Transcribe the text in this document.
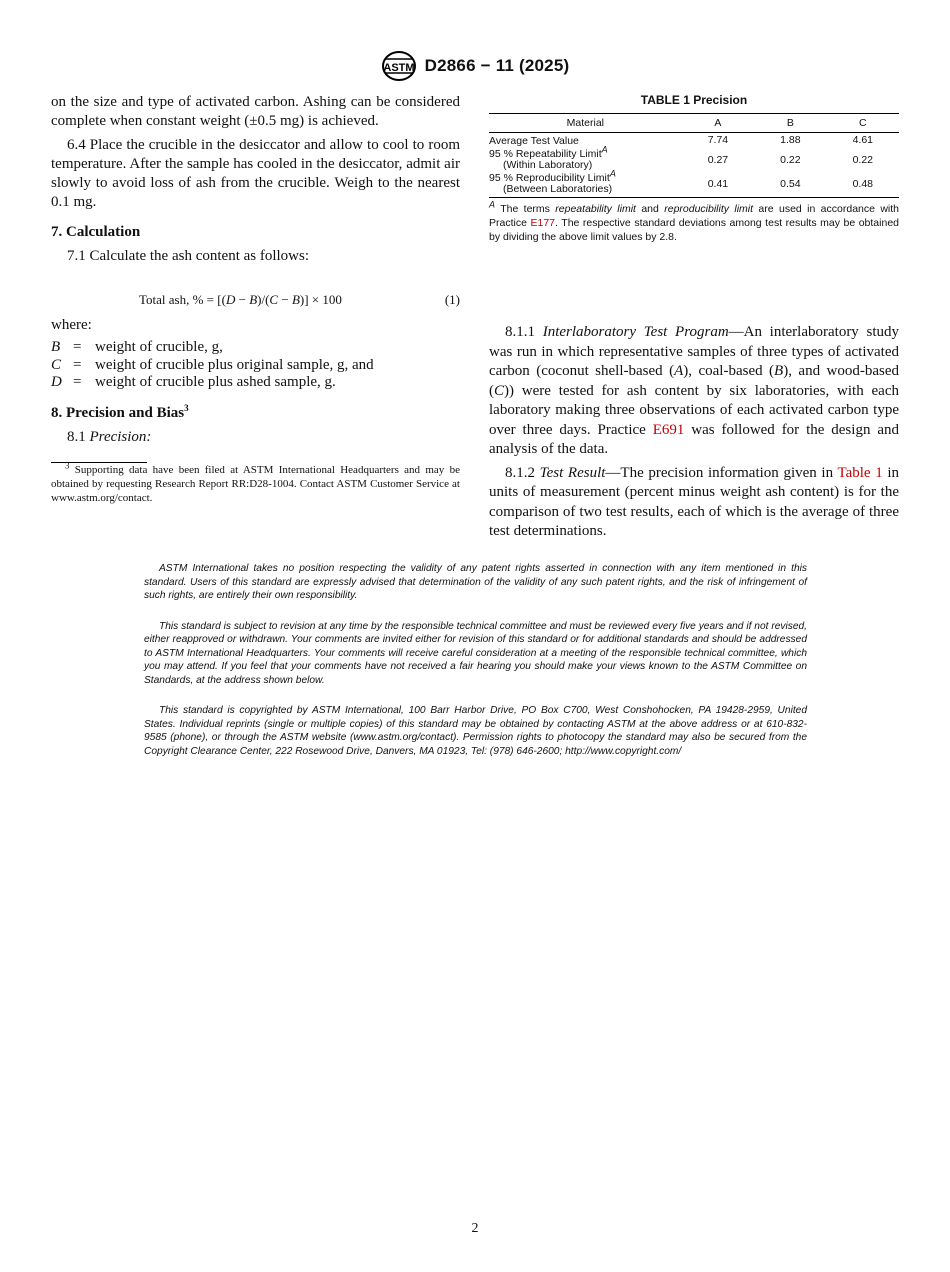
ASTM D2866 − 11 (2025)

on the size and type of activated carbon. Ashing can be considered complete when constant weight (±0.5 mg) is achieved.

6.4 Place the crucible in the desiccator and allow to cool to room temperature. After the sample has cooled in the desiccator, admit air slowly to avoid loss of ash from the crucible. Weigh to the nearest 0.1 mg.

7. Calculation

7.1 Calculate the ash content as follows:

Total ash, % = [(D − B)/(C − B)] × 100	(1)
where:
B = weight of crucible, g,
C = weight of crucible plus original sample, g, and
D = weight of crucible plus ashed sample, g.
8. Precision and Bias$^3$

8.1 Precision:

$^3$ Supporting data have been filed at ASTM International Headquarters and may be obtained by requesting Research Report RR:D28-1004. Contact ASTM Customer Service at www.astm.org/contact.

TABLE 1 Precision
Material	A	B	C
Average Test Value	7.74	1.88	4.61
95 % Repeatability Limit$^A$
(Within Laboratory)	0.27	0.22	0.22
95 % Reproducibility Limit$^A$
(Between Laboratories)	0.41	0.54	0.48

$^A$ The terms repeatability limit and reproducibility limit are used in accordance with Practice E177. The respective standard deviations among test results may be obtained by dividing the above limit values by 2.8.

8.1.1 Interlaboratory Test Program—An interlaboratory study was run in which representative samples of three types of activated carbon (coconut shell-based (A), coal-based (B), and wood-based (C)) were tested for ash content by six laboratories, with each laboratory making three observations of each activated carbon type over three days. Practice E691 was followed for the design and analysis of the data.

8.1.2 Test Result—The precision information given in Table 1 in units of measurement (percent minus weight ash content) is for the comparison of two test results, each of which is the average of three test determinations.

ASTM International takes no position respecting the validity of any patent rights asserted in connection with any item mentioned in this standard. Users of this standard are expressly advised that determination of the validity of any such patent rights, and the risk of infringement of such rights, are entirely their own responsibility.

This standard is subject to revision at any time by the responsible technical committee and must be reviewed every five years and if not revised, either reapproved or withdrawn. Your comments are invited either for revision of this standard or for additional standards and should be addressed to ASTM International Headquarters. Your comments will receive careful consideration at a meeting of the responsible technical committee, which you may attend. If you feel that your comments have not received a fair hearing you should make your views known to the ASTM Committee on Standards, at the address shown below.

This standard is copyrighted by ASTM International, 100 Barr Harbor Drive, PO Box C700, West Conshohocken, PA 19428-2959, United States. Individual reprints (single or multiple copies) of this standard may be obtained by contacting ASTM at the above address or at 610-832-9585 (phone), or through the ASTM website (www.astm.org/contact). Permission rights to photocopy the standard may also be secured from the Copyright Clearance Center, 222 Rosewood Drive, Danvers, MA 01923, Tel: (978) 646-2600; http://www.copyright.com/

2
